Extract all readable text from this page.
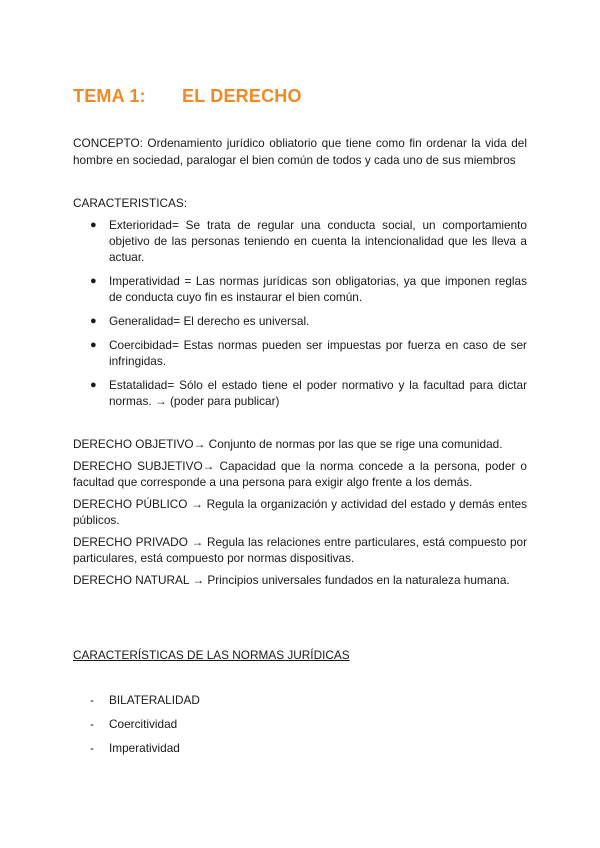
TEMA 1: EL DERECHO
CONCEPTO: Ordenamiento jurídico obliatorio que tiene como fin ordenar la vida del hombre en sociedad, paralogar el bien común de todos y cada uno de sus miembros
CARACTERISTICAS:
● Exterioridad= Se trata de regular una conducta social, un comportamiento objetivo de las personas teniendo en cuenta la intencionalidad que les lleva a actuar.
● Imperatividad = Las normas jurídicas son obligatorias, ya que imponen reglas de conducta cuyo fin es instaurar el bien común.
● Generalidad= El derecho es universal.
● Coercibidad= Estas normas pueden ser impuestas por fuerza en caso de ser infringidas.
● Estatalidad= Sólo el estado tiene el poder normativo y la facultad para dictar normas. → (poder para publicar)

DERECHO OBJETIVO→ Conjunto de normas por las que se rige una comunidad.

DERECHO SUBJETIVO→ Capacidad que la norma concede a la persona, poder o facultad que corresponde a una persona para exigir algo frente a los demás.

DERECHO PÚBLICO → Regula la organización y actividad del estado y demás entes públicos.

DERECHO PRIVADO → Regula las relaciones entre particulares, está compuesto por particulares, está compuesto por normas dispositivas.

DERECHO NATURAL → Principios universales fundados en la naturaleza humana.

CARACTERÍSTICAS DE LAS NORMAS JURÍDICAS
- BILATERALIDAD
- Coercitividad
- Imperatividad
